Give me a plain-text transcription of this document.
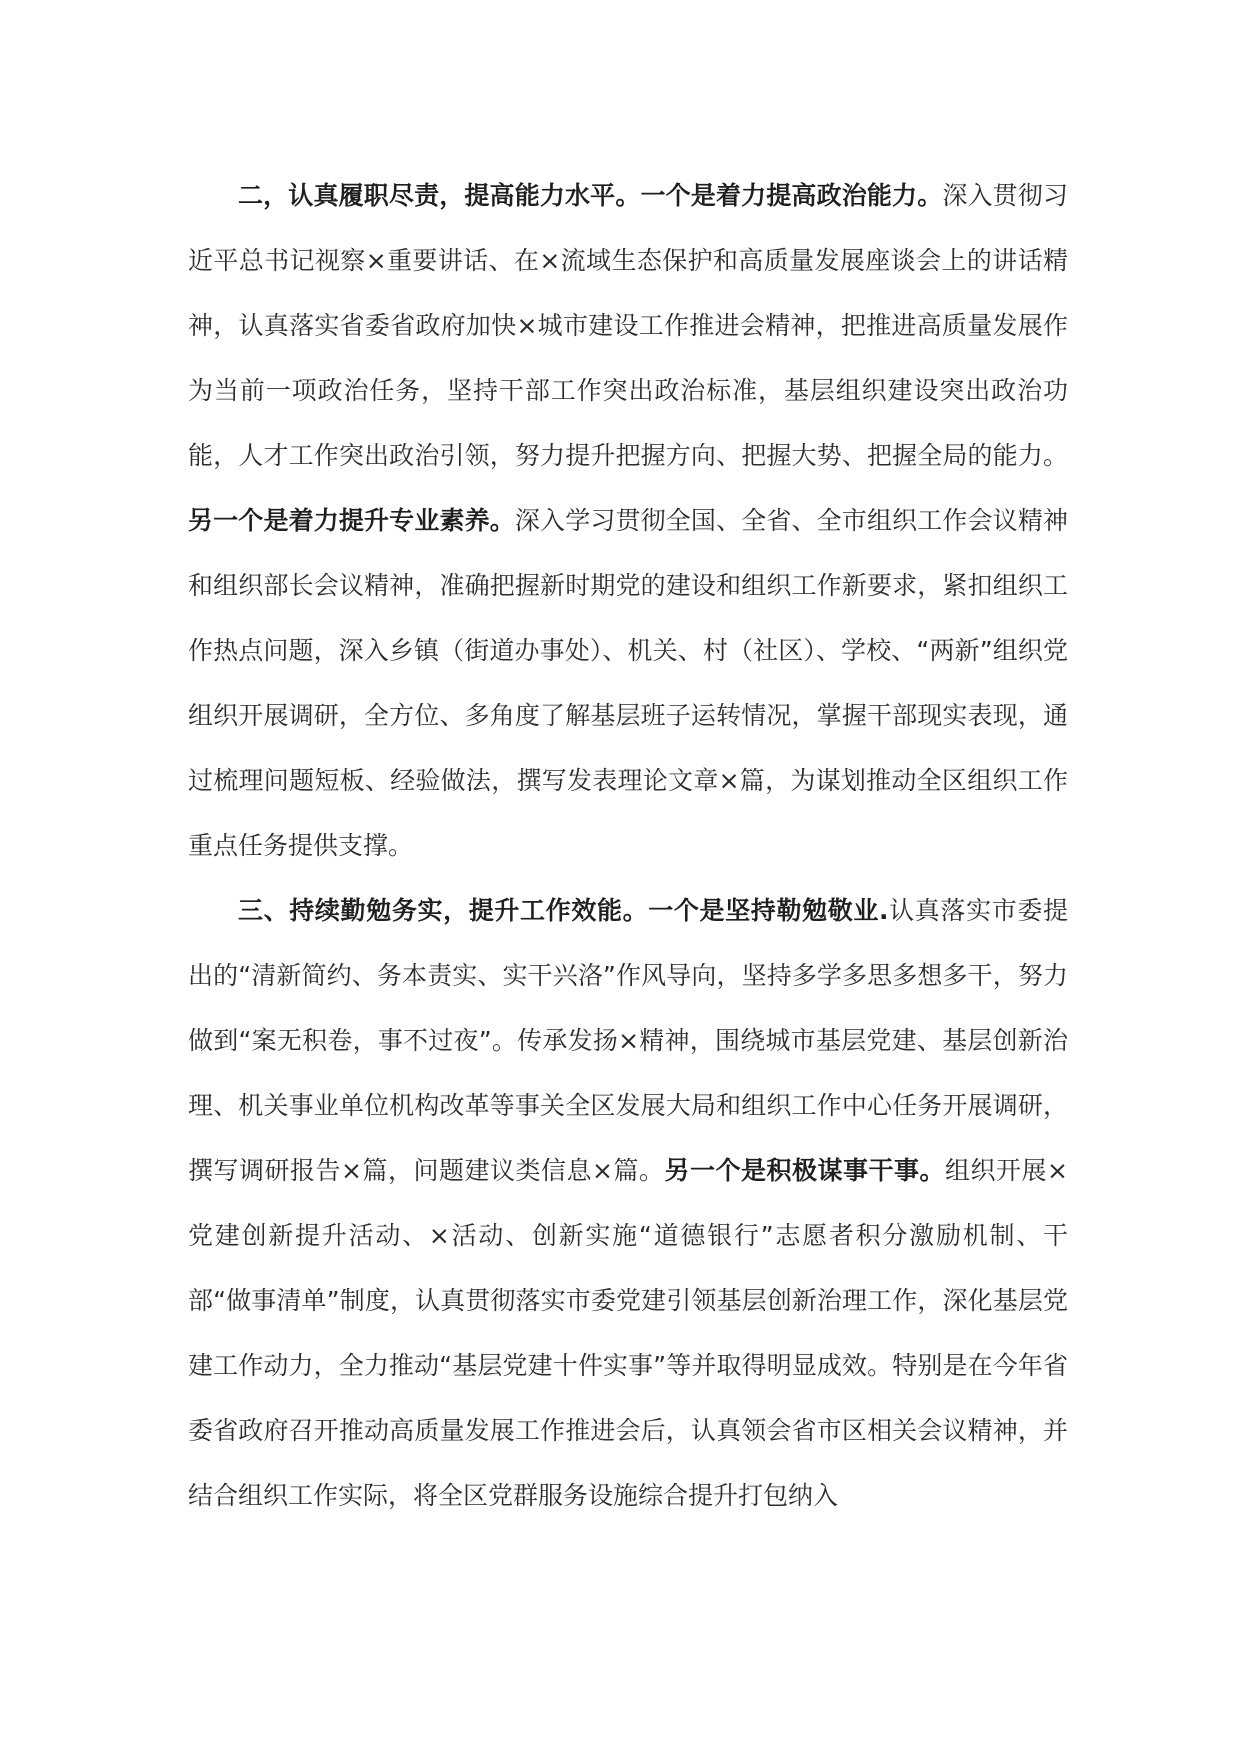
二，认真履职尽责，提高能力水平。一个是着力提高政治能力。深入贯彻习近平总书记视察×重要讲话、在×流域生态保护和高质量发展座谈会上的讲话精神，认真落实省委省政府加快×城市建设工作推进会精神，把推进高质量发展作为当前一项政治任务，坚持干部工作突出政治标准，基层组织建设突出政治功能，人才工作突出政治引领，努力提升把握方向、把握大势、把握全局的能力。另一个是着力提升专业素养。深入学习贯彻全国、全省、全市组织工作会议精神和组织部长会议精神，准确把握新时期党的建设和组织工作新要求，紧扣组织工作热点问题，深入乡镇（街道办事处）、机关、村（社区）、学校、“两新”组织党组织开展调研，全方位、多角度了解基层班子运转情况，掌握干部现实表现，通过梳理问题短板、经验做法，撰写发表理论文章×篇，为谋划推动全区组织工作重点任务提供支撑。

三、持续勤勉务实，提升工作效能。一个是坚持勒勉敬业.认真落实市委提出的“清新简约、务本责实、实干兴洛”作风导向，坚持多学多思多想多干，努力做到“案无积卷，事不过夜”。传承发扬×精神，围绕城市基层党建、基层创新治理、机关事业单位机构改革等事关全区发展大局和组织工作中心任务开展调研，撰写调研报告×篇，问题建议类信息×篇。另一个是积极谋事干事。组织开展×党建创新提升活动、×活动、创新实施“道德银行”志愿者积分激励机制、干部“做事清单”制度，认真贯彻落实市委党建引领基层创新治理工作，深化基层党建工作动力，全力推动“基层党建十件实事”等并取得明显成效。特别是在今年省委省政府召开推动高质量发展工作推进会后，认真领会省市区相关会议精神，并结合组织工作实际，将全区党群服务设施综合提升打包纳入
